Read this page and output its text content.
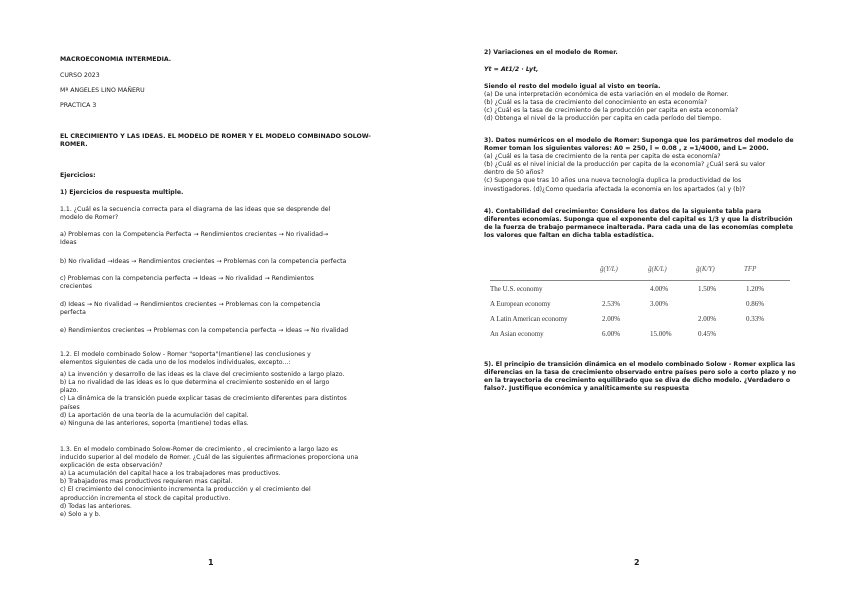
MACROECONOMIA INTERMEDIA.
CURSO 2023
Mª ANGELES LINO MAÑERU
PRACTICA 3
EL CRECIMIENTO Y LAS IDEAS. EL MODELO DE ROMER Y EL MODELO COMBINADO SOLOW-
ROMER.
Ejercicios:
1) Ejercicios de respuesta multiple.
1.1. ¿Cuál es la secuencia correcta para el diagrama de las ideas que se desprende del
modelo de Romer?
a) Problemas con la Competencia Perfecta → Rendimientos crecientes → No rivalidad→
Ideas
b) No rivalidad →Ideas → Rendimientos crecientes → Problemas con la competencia perfecta
c) Problemas con la competencia perfecta → Ideas → No rivalidad → Rendimientos
crecientes
d) Ideas → No rivalidad → Rendimientos crecientes → Problemas con la competencia
perfecta
e) Rendimientos crecientes → Problemas con la competencia perfecta → Ideas → No rivalidad
1.2. El modelo combinado Solow - Romer "soporta"(mantiene) las conclusiones y
elementos siguientes de cada uno de los modelos individuales, excepto...:
a) La invención y desarrollo de las ideas es la clave del crecimiento sostenido a largo plazo.
b) La no rivalidad de las ideas es lo que determina el crecimiento sostenido en el largo
plazo.
c) La dinámica de la transición puede explicar tasas de crecimiento diferentes para distintos
países
d) La aportación de una teoría de la acumulación del capital.
e) Ninguna de las anteriores, soporta (mantiene) todas ellas.
1.3. En el modelo combinado Solow-Romer de crecimiento , el crecimiento a largo lazo es
inducido superior al del modelo de Romer. ¿Cuál de las siguientes afirmaciones proporciona una
explicación de esta observación?
a) La acumulación del capital hace a los trabajadores mas productivos.
b) Trabajadores mas productivos requieren mas capital.
c) El crecimiento del conocimiento incrementa la producción y el crecimiento del
aproducción incrementa el stock de capital productivo.
d) Todas las anteriores.
e) Solo a y b.
1
2) Variaciones en el modelo de Romer.
Yt = At1/2 · Lyt,
Siendo el resto del modelo igual al visto en teoría.
(a) De una interpretación económica de esta variación en el modelo de Romer.
(b) ¿Cuál es la tasa de crecimiento del conocimiento en esta economía?
(c) ¿Cuál es la tasa de crecimiento de la producción per capita en esta economía?
(d) Obtenga el nivel de la producción per capita en cada período del tiempo.
3). Datos numéricos en el modelo de Romer: Suponga que los parámetros del modelo de
Romer toman los siguientes valores: A0 = 250, l = 0.08 , z =1/4000, and L= 2000.
(a) ¿Cuál es la tasa de crecimiento de la renta per capita de esta economía?
(b) ¿Cuál es el nivel inicial de la producción per capita de la economía? ¿Cuál será su valor
dentro de 50 años?
(c) Suponga que tras 10 años una nueva tecnología duplica la productividad de los
investigadores. (d)¿Como quedaria afectada la economia en los apartados (a) y (b)?
4). Contabilidad del crecimiento: Considere los datos de la siguiente tabla para
diferentes economías. Suponga que el exponente del capital es 1/3 y que la distribución
de la fuerza de trabajo permanece inalterada. Para cada una de las economías complete
los valores que faltan en dicha tabla estadística.
	ḡ(Y/L)	ḡ(K/L)	ḡ(K/Y)	TFP
The U.S. economy		4.00%	1.50%	1.20%
A European economy	2.53%	3.00%		0.86%
A Latin American economy	2.00%		2.00%	0.33%
An Asian economy	6.00%	15.00%	0.45%	
5). El principio de transición dinámica en el modelo combinado Solow - Romer explica las
diferencias en la tasa de crecimiento observado entre países pero solo a corto plazo y no
en la trayectoria de crecimiento equilibrado que se diva de dicho modelo. ¿Verdadero o
falso?. Justifique económica y analíticamente su respuesta
2
